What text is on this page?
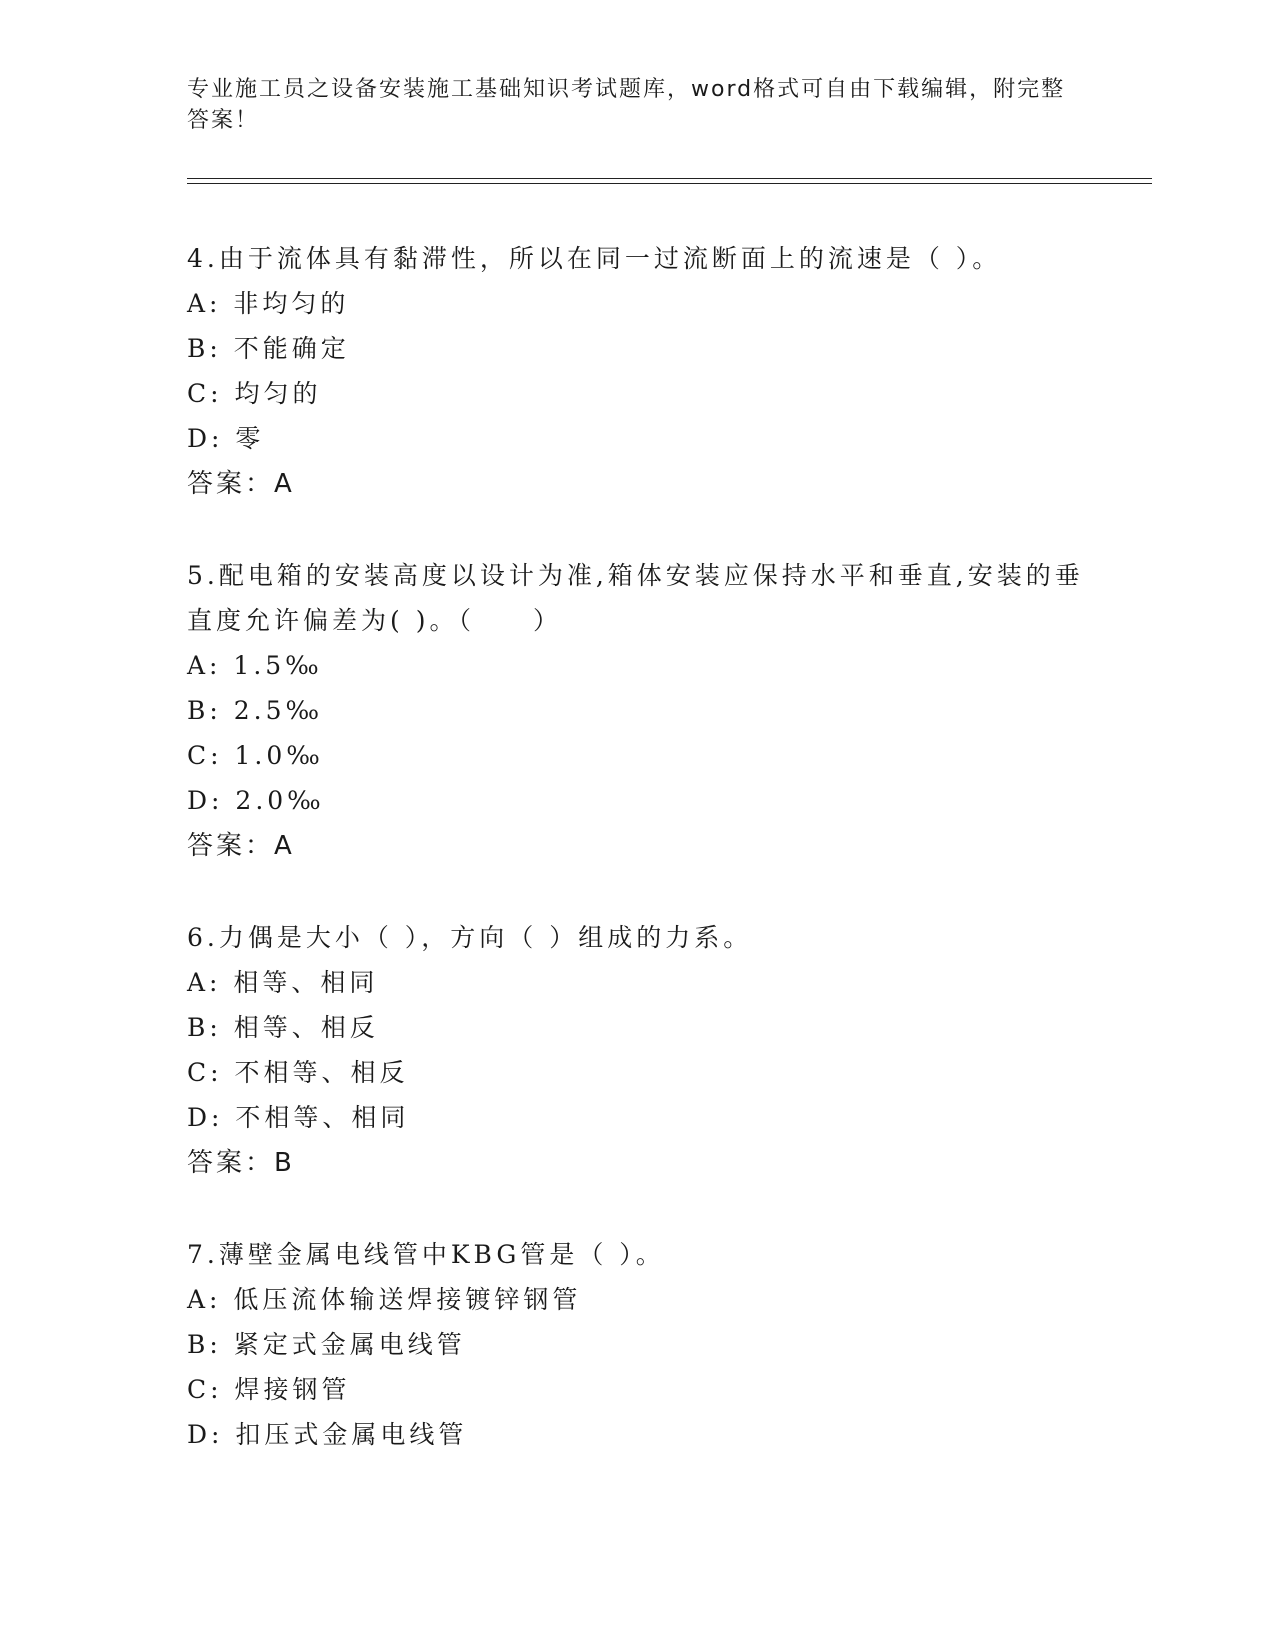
专业施工员之设备安装施工基础知识考试题库，word格式可自由下载编辑，附完整答案！

4.由于流体具有黏滞性，所以在同一过流断面上的流速是（ ）。

A: 非均匀的

B: 不能确定

C: 均匀的

D: 零

答案：A

5.配电箱的安装高度以设计为准,箱体安装应保持水平和垂直,安装的垂直度允许偏差为( )。（　　）

A: 1.5‰

B: 2.5‰

C: 1.0‰

D: 2.0‰

答案：A

6.力偶是大小（ ），方向（ ）组成的力系。

A: 相等、相同

B: 相等、相反

C: 不相等、相反

D: 不相等、相同

答案：B

7.薄壁金属电线管中KBG管是（ ）。

A: 低压流体输送焊接镀锌钢管

B: 紧定式金属电线管

C: 焊接钢管

D: 扣压式金属电线管
